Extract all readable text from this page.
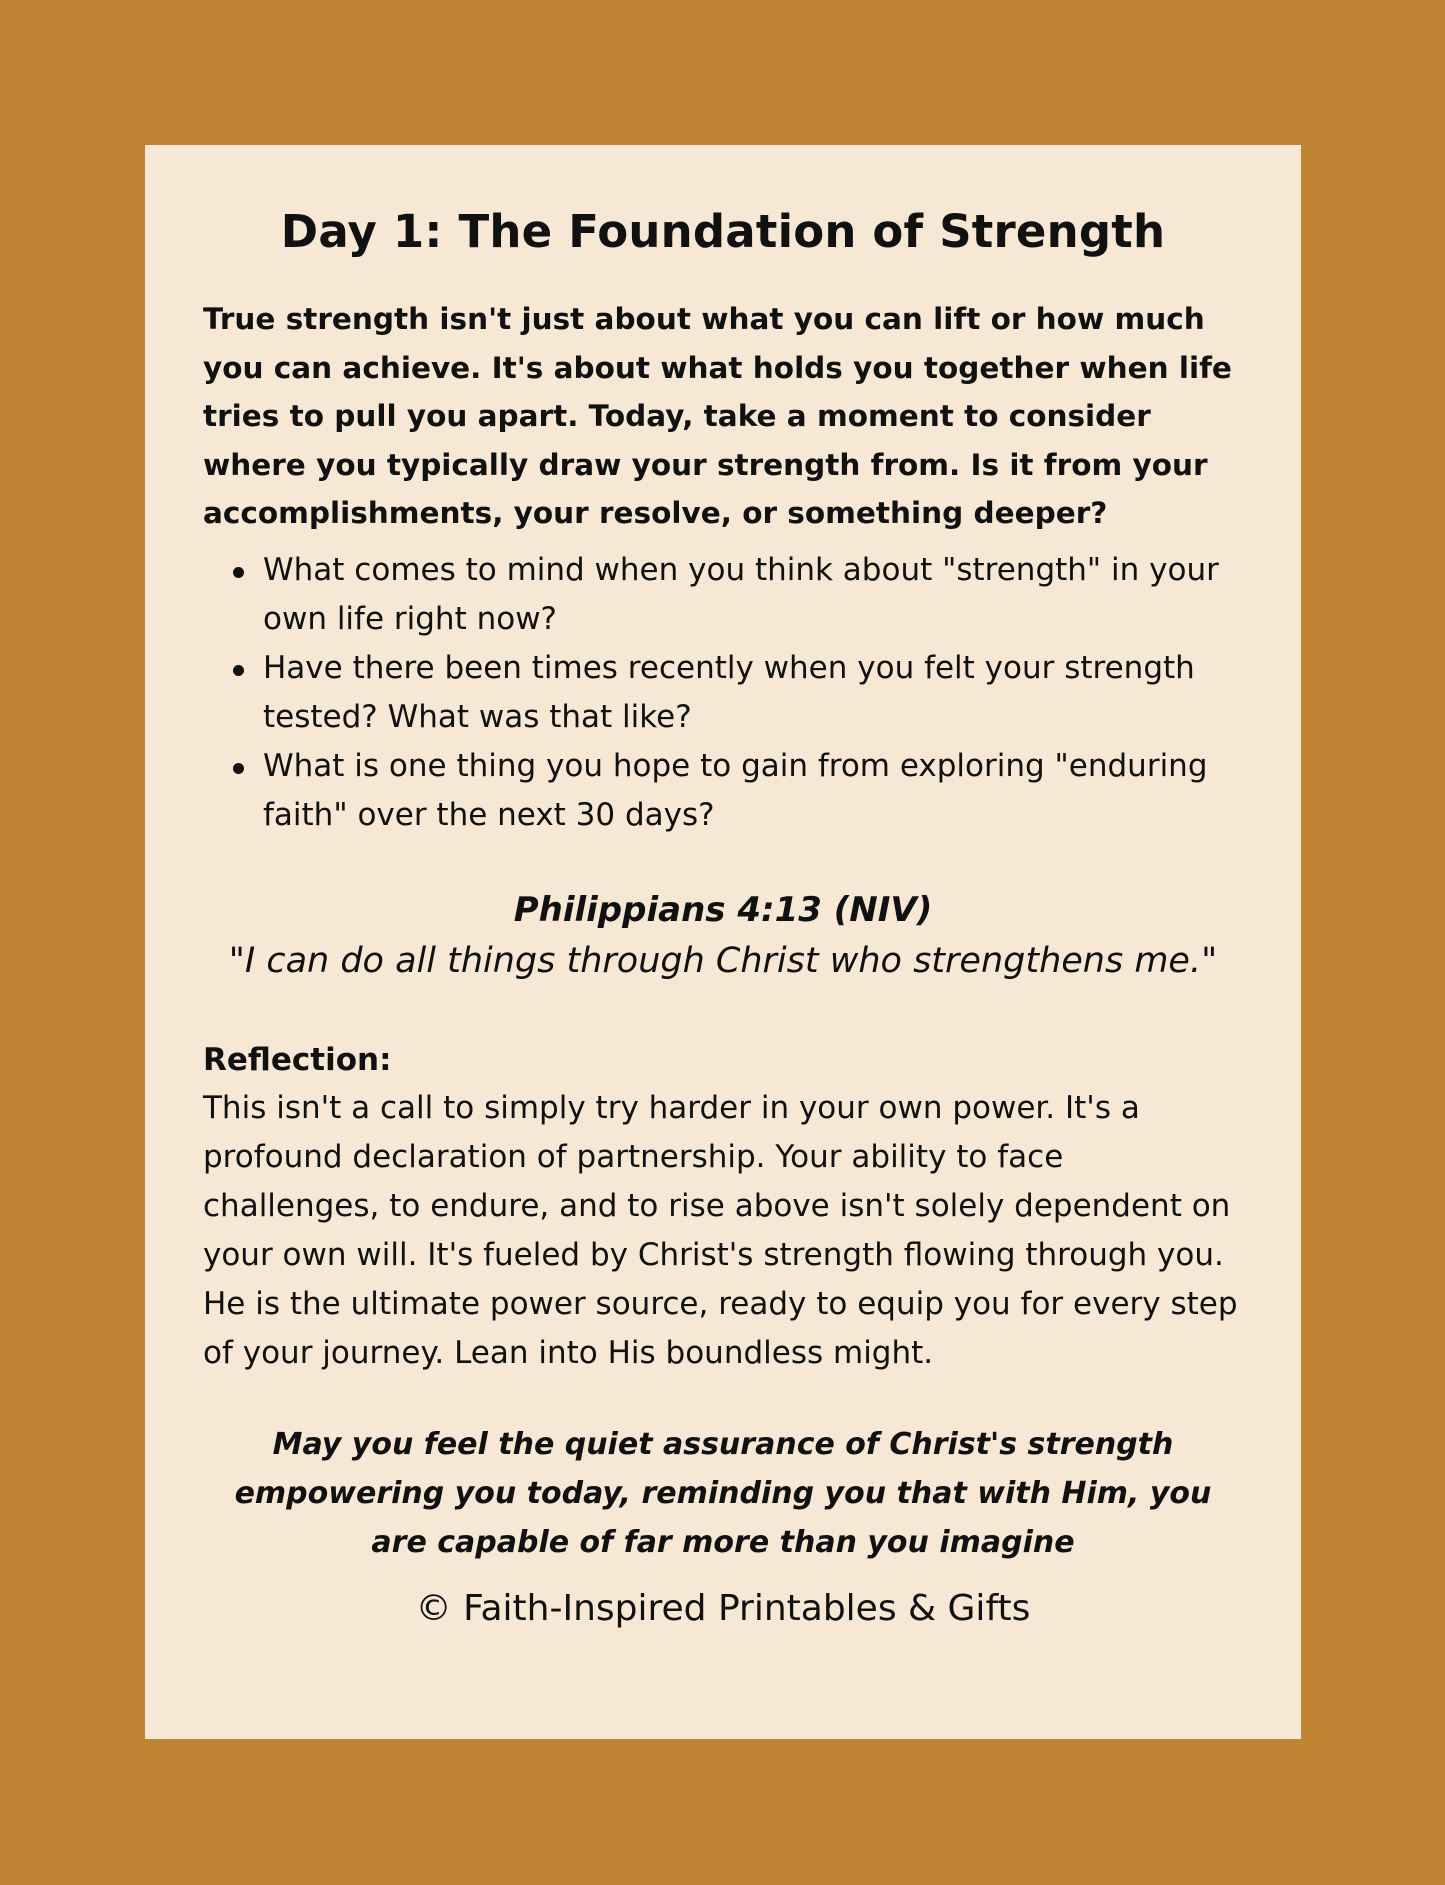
Day 1: The Foundation of Strength

True strength isn't just about what you can lift or how much you can achieve. It's about what holds you together when life tries to pull you apart. Today, take a moment to consider where you typically draw your strength from. Is it from your accomplishments, your resolve, or something deeper?

What comes to mind when you think about "strength" in your own life right now?
Have there been times recently when you felt your strength tested? What was that like?
What is one thing you hope to gain from exploring "enduring faith" over the next 30 days?
Philippians 4:13 (NIV)
"I can do all things through Christ who strengthens me."
Reflection:

This isn't a call to simply try harder in your own power. It's a profound declaration of partnership. Your ability to face challenges, to endure, and to rise above isn't solely dependent on your own will. It's fueled by Christ's strength flowing through you. He is the ultimate power source, ready to equip you for every step of your journey. Lean into His boundless might.

May you feel the quiet assurance of Christ's strength empowering you today, reminding you that with Him, you are capable of far more than you imagine

© Faith-Inspired Printables & Gifts
